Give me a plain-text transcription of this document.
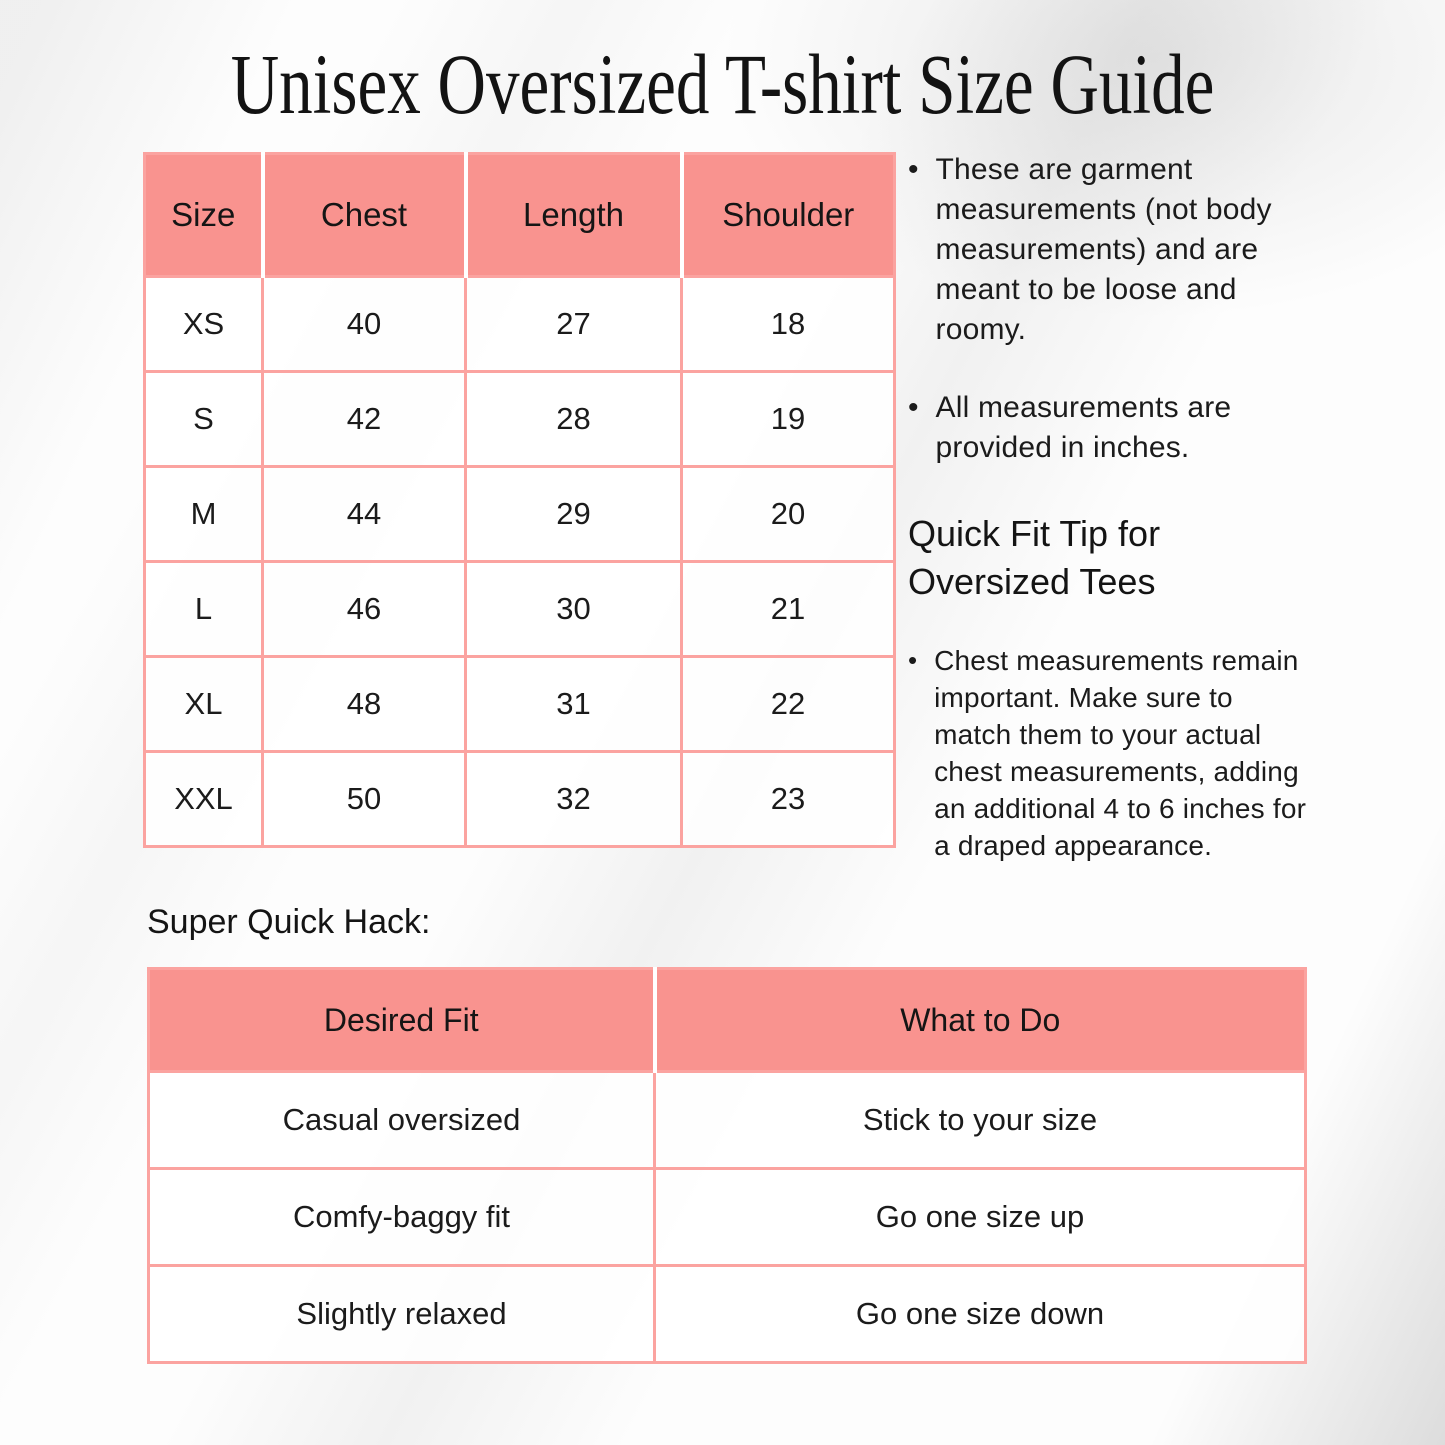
Unisex Oversized T-shirt Size Guide
Size	Chest	Length	Shoulder
XS	40	27	18
S	42	28	19
M	44	29	20
L	46	30	21
XL	48	31	22
XXL	50	32	23
• These are garment measurements (not body measurements) and are meant to be loose and roomy.
• All measurements are provided in inches.
Quick Fit Tip for Oversized Tees
• Chest measurements remain important. Make sure to match them to your actual chest measurements, adding an additional 4 to 6 inches for a draped appearance.
Super Quick Hack:
Desired Fit	What to Do
Casual oversized	Stick to your size
Comfy-baggy fit	Go one size up
Slightly relaxed	Go one size down
